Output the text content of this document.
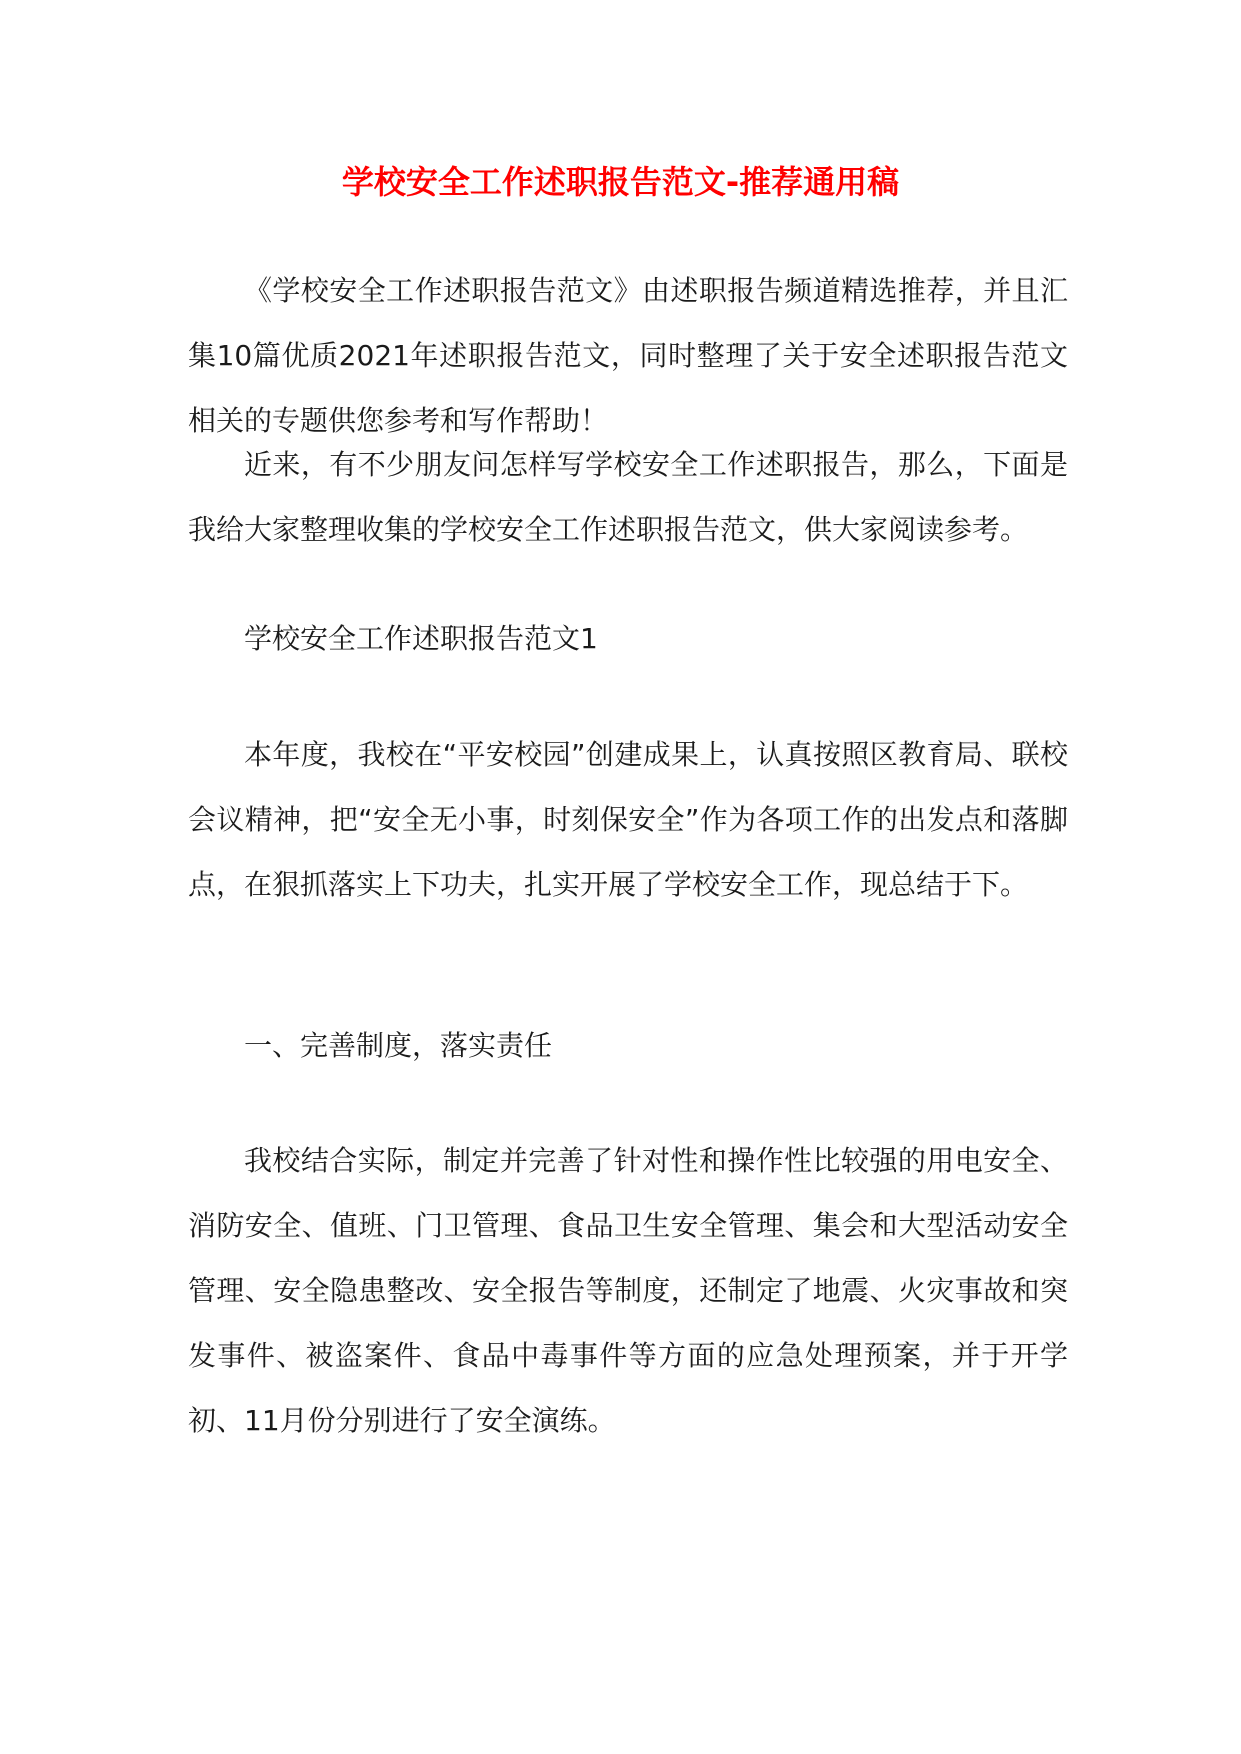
学校安全工作述职报告范文-推荐通用稿

《学校安全工作述职报告范文》由述职报告频道精选推荐，并且汇集10篇优质2021年述职报告范文，同时整理了关于安全述职报告范文相关的专题供您参考和写作帮助！

近来，有不少朋友问怎样写学校安全工作述职报告，那么，下面是我给大家整理收集的学校安全工作述职报告范文，供大家阅读参考。

学校安全工作述职报告范文1

本年度，我校在“平安校园”创建成果上，认真按照区教育局、联校会议精神，把“安全无小事，时刻保安全”作为各项工作的出发点和落脚点，在狠抓落实上下功夫，扎实开展了学校安全工作，现总结于下。

一、完善制度，落实责任

我校结合实际，制定并完善了针对性和操作性比较强的用电安全、消防安全、值班、门卫管理、食品卫生安全管理、集会和大型活动安全管理、安全隐患整改、安全报告等制度，还制定了地震、火灾事故和突发事件、被盗案件、食品中毒事件等方面的应急处理预案，并于开学初、11月份分别进行了安全演练。
